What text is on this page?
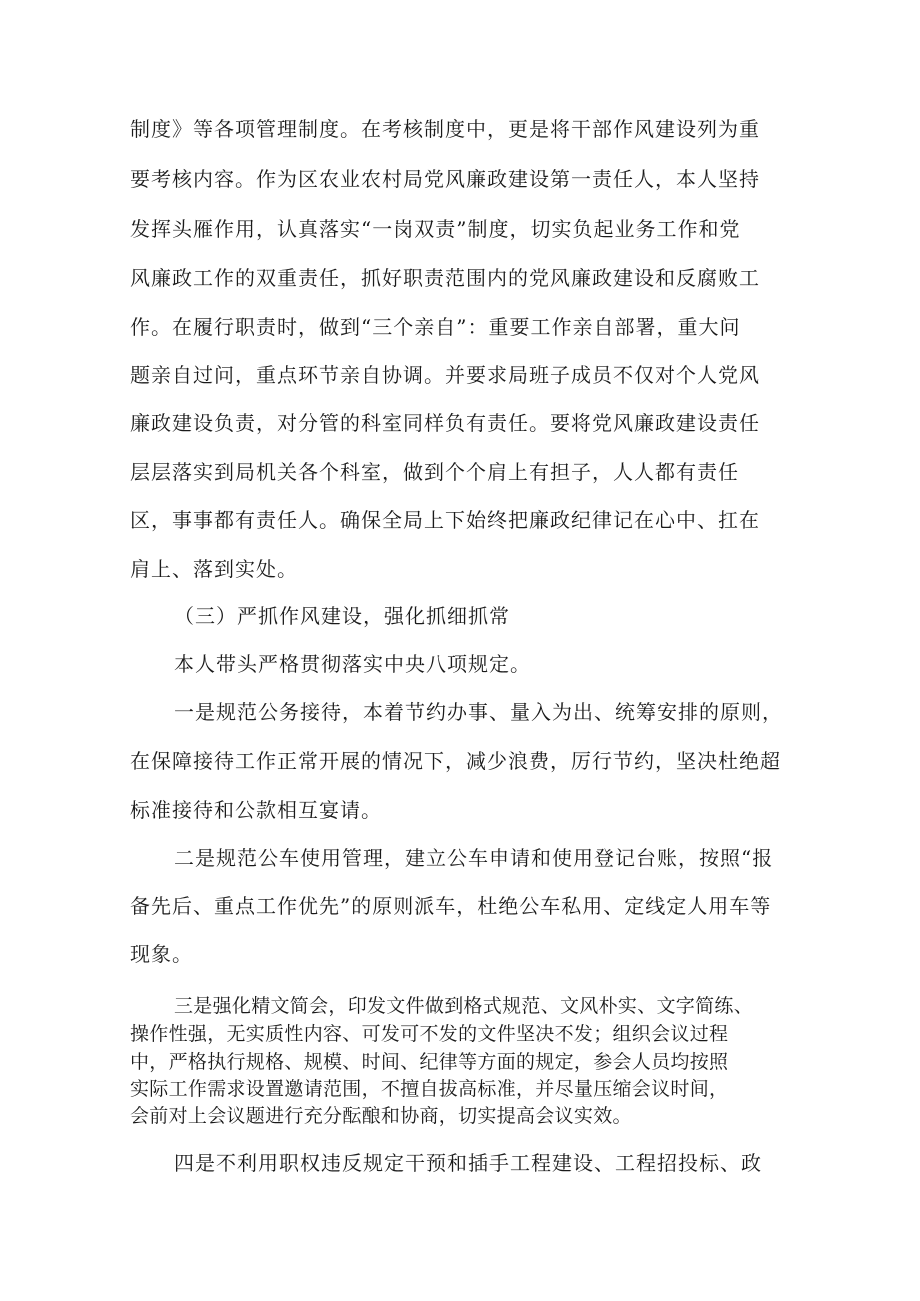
制度》等各项管理制度。在考核制度中，更是将干部作风建设列为重

要考核内容。作为区农业农村局党风廉政建设第一责任人，本人坚持

发挥头雁作用，认真落实“一岗双责”制度，切实负起业务工作和党

风廉政工作的双重责任，抓好职责范围内的党风廉政建设和反腐败工

作。在履行职责时，做到“三个亲自”：重要工作亲自部署，重大问

题亲自过问，重点环节亲自协调。并要求局班子成员不仅对个人党风

廉政建设负责，对分管的科室同样负有责任。要将党风廉政建设责任

层层落实到局机关各个科室，做到个个肩上有担子，人人都有责任

区，事事都有责任人。确保全局上下始终把廉政纪律记在心中、扛在

肩上、落到实处。

（三）严抓作风建设，强化抓细抓常

本人带头严格贯彻落实中央八项规定。

一是规范公务接待，本着节约办事、量入为出、统筹安排的原则，

在保障接待工作正常开展的情况下，减少浪费，厉行节约，坚决杜绝超

标准接待和公款相互宴请。

二是规范公车使用管理，建立公车申请和使用登记台账，按照“报

备先后、重点工作优先”的原则派车，杜绝公车私用、定线定人用车等

现象。

三是强化精文简会，印发文件做到格式规范、文风朴实、文字简练、

操作性强，无实质性内容、可发可不发的文件坚决不发；组织会议过程

中，严格执行规格、规模、时间、纪律等方面的规定，参会人员均按照

实际工作需求设置邀请范围，不擅自拔高标准，并尽量压缩会议时间，

会前对上会议题进行充分酝酿和协商，切实提高会议实效。

四是不利用职权违反规定干预和插手工程建设、工程招投标、政
